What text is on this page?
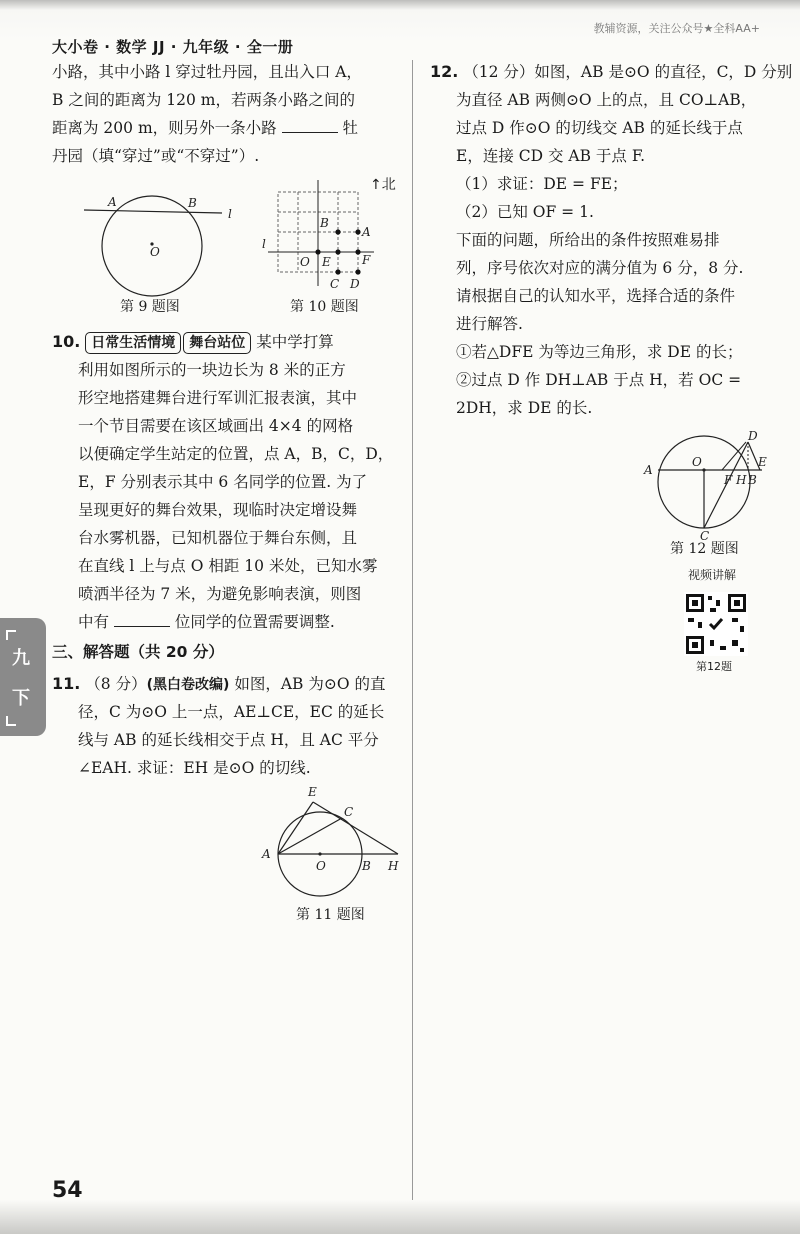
大小卷 · 数学 JJ · 九年级 · 全一册
教辅资源，关注公众号★全科AA+
九
下
小路，其中小路 l 穿过牡丹园，且出入口 A，
B 之间的距离为 120 m，若两条小路之间的
距离为 200 m，则另外一条小路	牡
丹园（填“穿过”或“不穿过”）.
A	B
l
O
第 9 题图
l
B
A
O E	F
C D
↑北
第 10 题图
10. 日常生活情境 舞台站位 某中学打算
利用如图所示的一块边长为 8 米的正方
形空地搭建舞台进行军训汇报表演，其中
一个节目需要在该区域画出 4×4 的网格
以便确定学生站定的位置，点 A，B，C，D，
E，F 分别表示其中 6 名同学的位置. 为了
呈现更好的舞台效果，现临时决定增设舞
台水雾机器，已知机器位于舞台东侧，且
在直线 l 上与点 O 相距 10 米处，已知水雾
喷洒半径为 7 米，为避免影响表演，则图
中有	位同学的位置需要调整.
三、解答题（共 20 分）
11. （8 分）(黑白卷改编) 如图，AB 为⊙O 的直
径，C 为⊙O 上一点，AE⊥CE，EC 的延长
线与 AB 的延长线相交于点 H，且 AC 平分
∠EAH. 求证：EH 是⊙O 的切线.
A
E
C
O	B H
第 11 题图
12. （12 分）如图，AB 是⊙O 的直径，C，D 分别
为直径 AB 两侧⊙O 上的点，且 CO⊥AB，
过点 D 作⊙O 的切线交 AB 的延长线于点
E，连接 CD 交 AB 于点 F.
（1）求证：DE = FE；
（2）已知 OF = 1.
下面的问题，所给出的条件按照难易排
列，序号依次对应的满分值为 6 分，8 分.
请根据自己的认知水平，选择合适的条件
进行解答.
①若△DFE 为等边三角形，求 DE 的长；
②过点 D 作 DH⊥AB 于点 H，若 OC =
2DH，求 DE 的长.
A
O
D
E
F H B
C
第 12 题图
视频讲解
第12题
54
